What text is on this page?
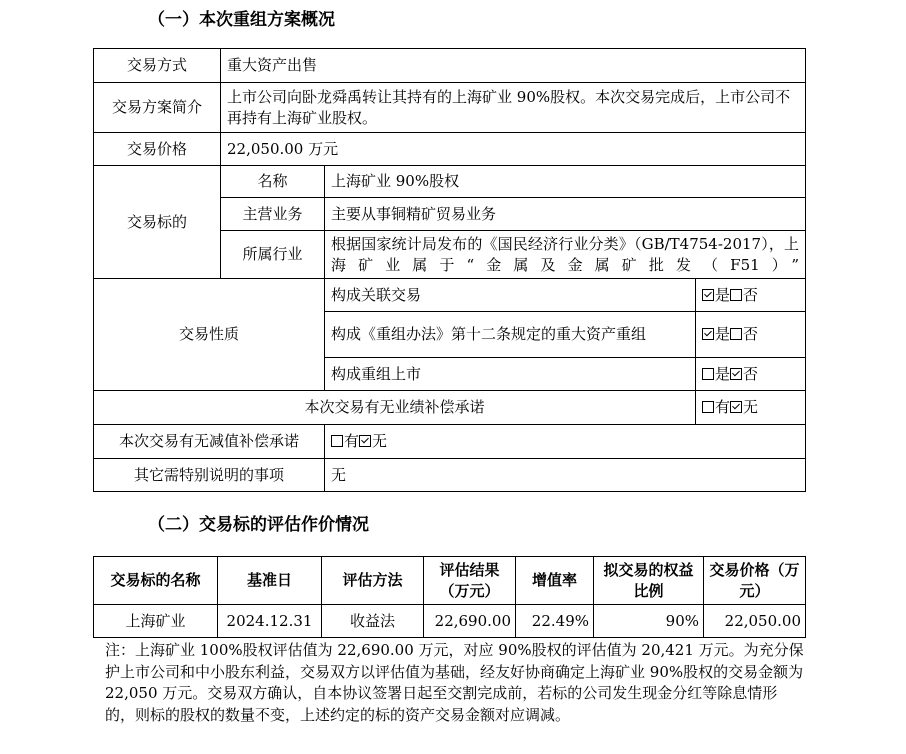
（一）本次重组方案概况
交易方式	重大资产出售		
交易方案简介	上市公司向卧龙舜禹转让其持有的上海矿业 90%股权。本次交易完成后，上市公司不再持有上海矿业股权。		
交易价格	22,050.00 万元		
交易标的	名称	上海矿业 90%股权	
	主营业务	主要从事铜精矿贸易业务	
	所属行业	根据国家统计局发布的《国民经济行业分类》（GB/T4754-2017），上海矿业属于“金属及金属矿批发（F51）”	
交易性质		构成关联交易	是 否
		构成《重组办法》第十二条规定的重大资产重组	是 否
		构成重组上市	是 否
本次交易有无业绩补偿承诺			有 无
本次交易有无减值补偿承诺		有 无	
其它需特别说明的事项		无	
（二）交易标的评估作价情况
交易标的名称	基准日	评估方法	评估结果（万元）	增值率	拟交易的权益比例	交易价格（万元）
上海矿业	2024.12.31	收益法	22,690.00	22.49%	90%	22,050.00
注：上海矿业 100%股权评估值为 22,690.00 万元，对应 90%股权的评估值为 20,421 万元。为充分保护上市公司和中小股东利益，交易双方以评估值为基础，经友好协商确定上海矿业 90%股权的交易金额为 22,050 万元。交易双方确认，自本协议签署日起至交割完成前，若标的公司发生现金分红等除息情形的，则标的股权的数量不变，上述约定的标的资产交易金额对应调减。
